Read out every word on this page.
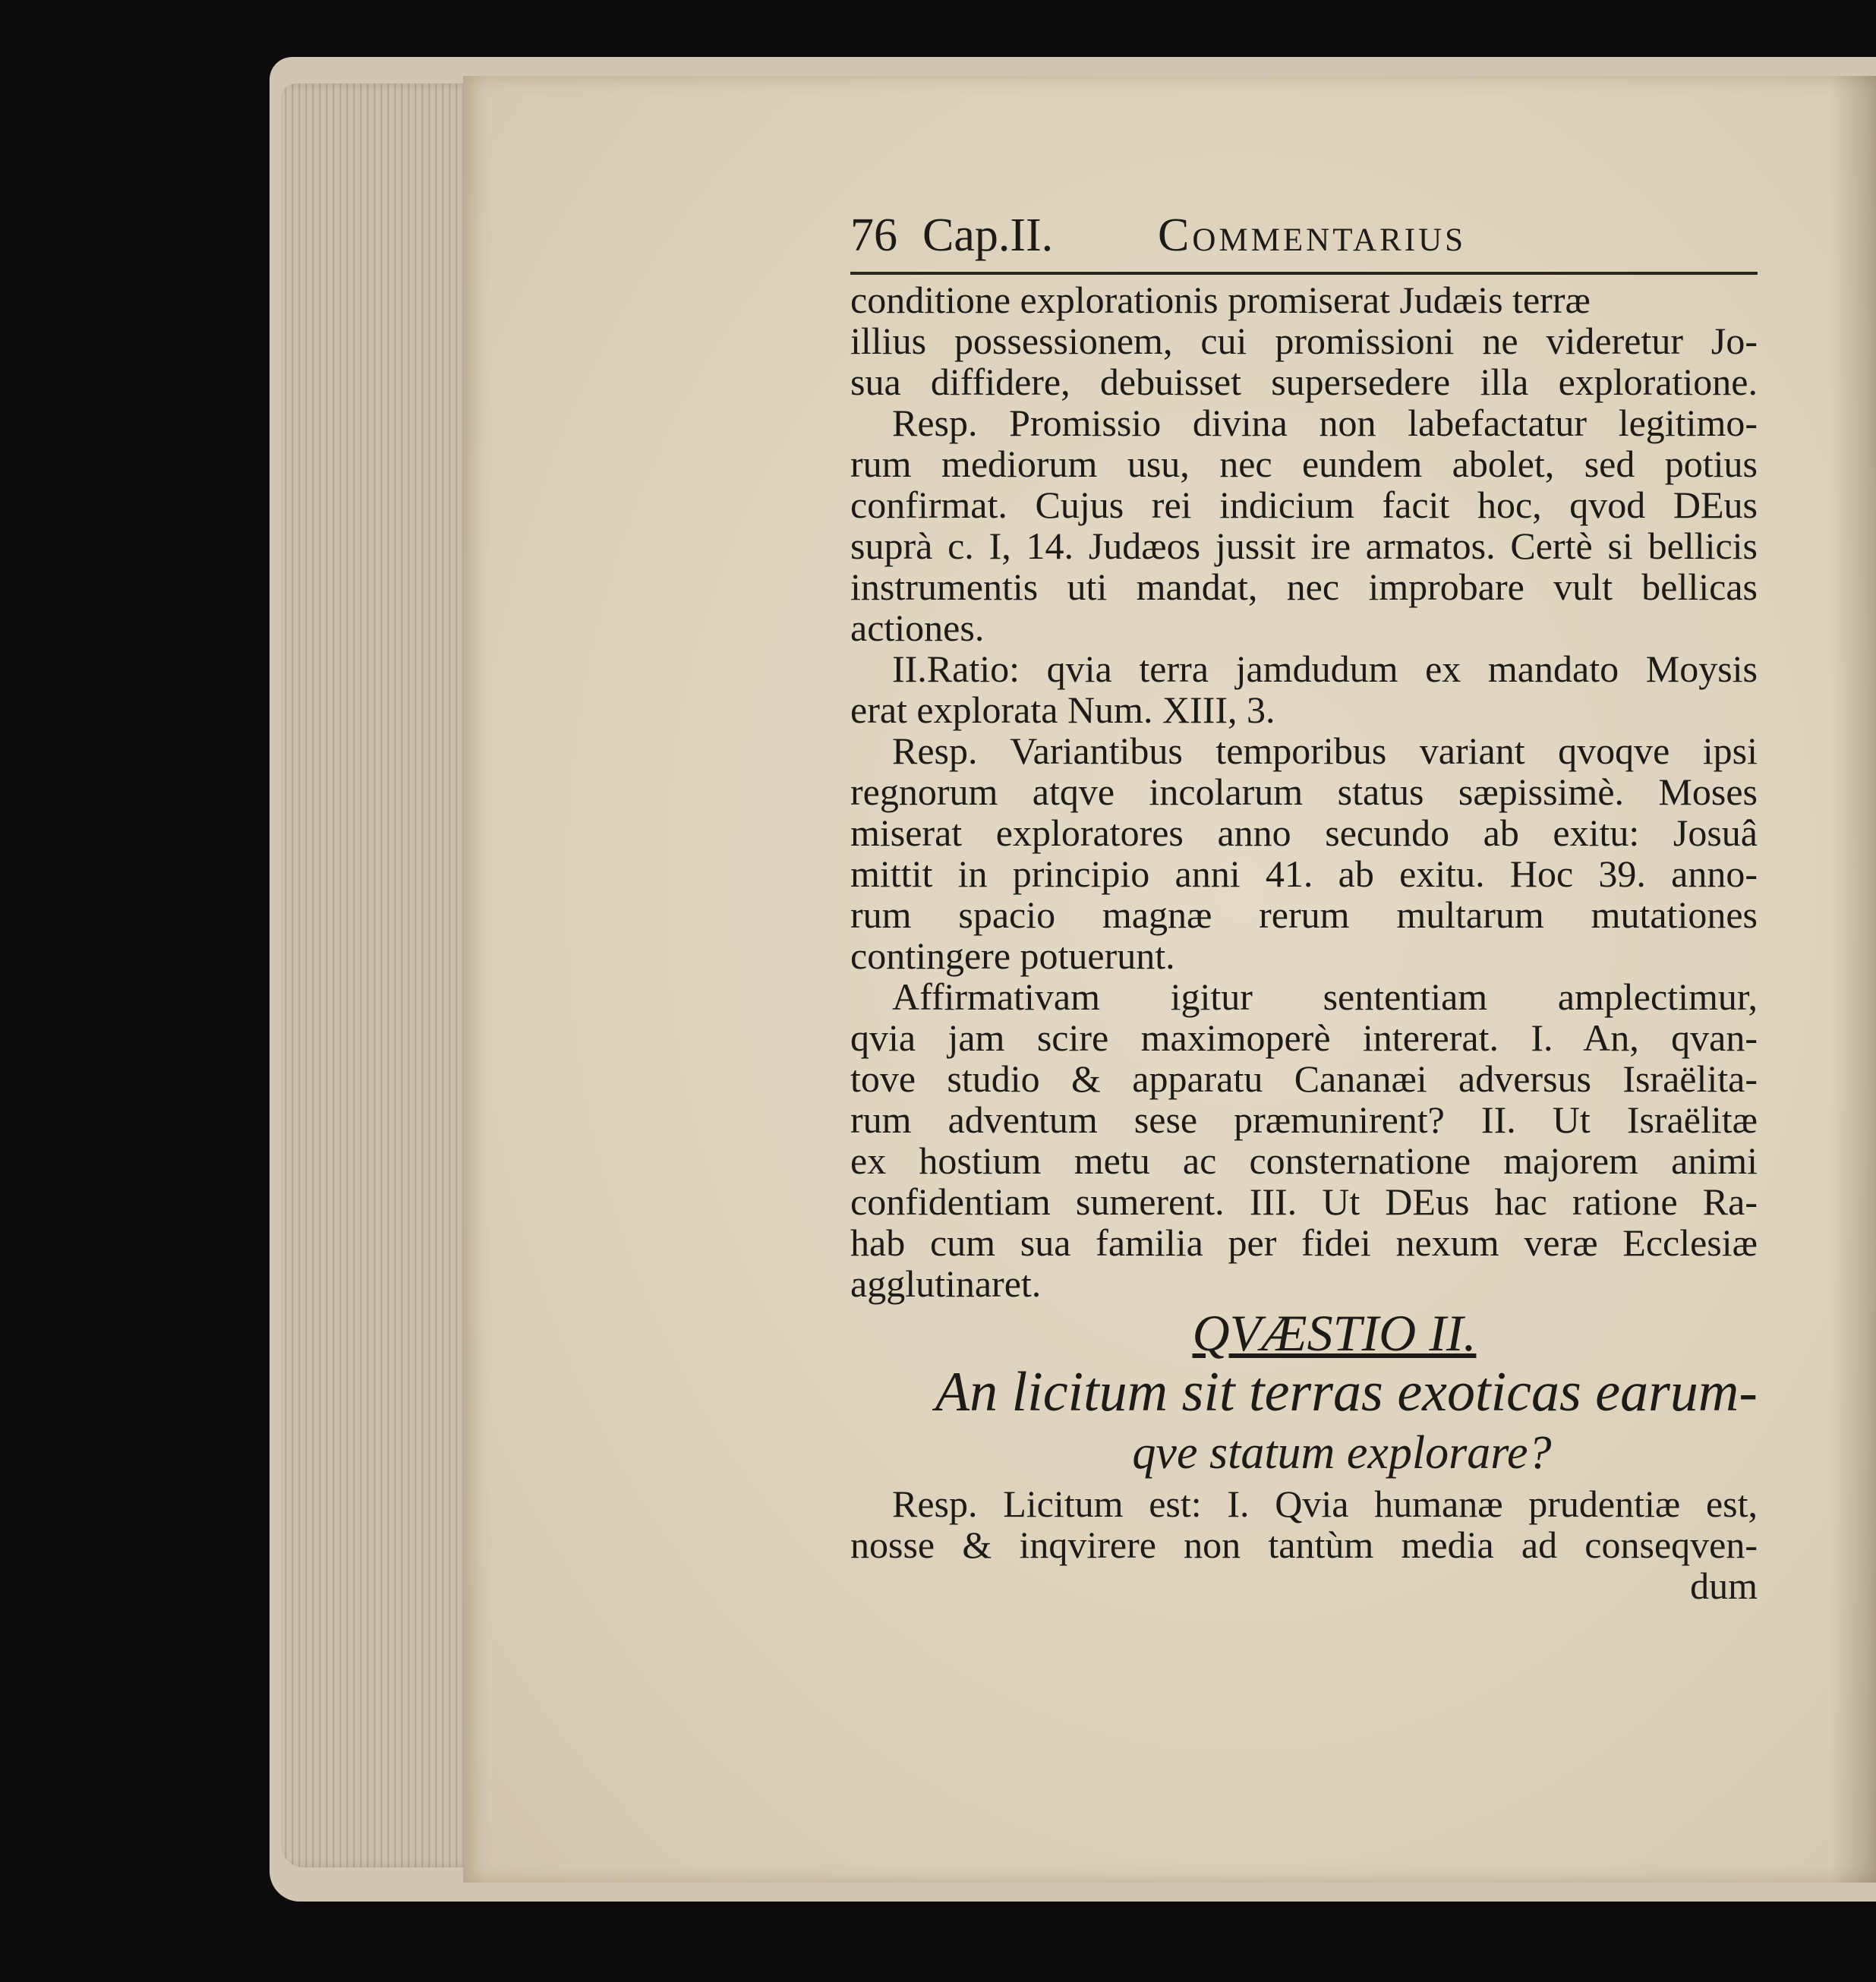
76 Cap.II. Commentarius
conditione explorationis promiserat Judæis terræ
illius possessionem, cui promissioni ne videretur Jo-
sua diffidere, debuisset supersedere illa exploratione.
Resp. Promissio divina non labefactatur legitimo-
rum mediorum usu, nec eundem abolet, sed potius
confirmat. Cujus rei indicium facit hoc, qvod DEus
suprà c. I, 14. Judæos jussit ire armatos. Certè si bellicis
instrumentis uti mandat, nec improbare vult bellicas
actiones.
II.Ratio: qvia terra jamdudum ex mandato Moysis
erat explorata Num. XIII, 3.
Resp. Variantibus temporibus variant qvoqve ipsi
regnorum atqve incolarum status sæpissimè. Moses
miserat exploratores anno secundo ab exitu: Josuâ
mittit in principio anni 41. ab exitu. Hoc 39. anno-
rum spacio magnæ rerum multarum mutationes
contingere potuerunt.
Affirmativam igitur sententiam amplectimur,
qvia jam scire maximoperè intererat. I. An, qvan-
tove studio & apparatu Cananæi adversus Israëlita-
rum adventum sese præmunirent? II. Ut Israëlitæ
ex hostium metu ac consternatione majorem animi
confidentiam sumerent. III. Ut DEus hac ratione Ra-
hab cum sua familia per fidei nexum veræ Ecclesiæ
agglutinaret.
QVÆSTIO II.
An licitum sit terras exoticas earum-
qve statum explorare?
Resp. Licitum est: I. Qvia humanæ prudentiæ est,
nosse & inqvirere non tantùm media ad conseqven-
dum
